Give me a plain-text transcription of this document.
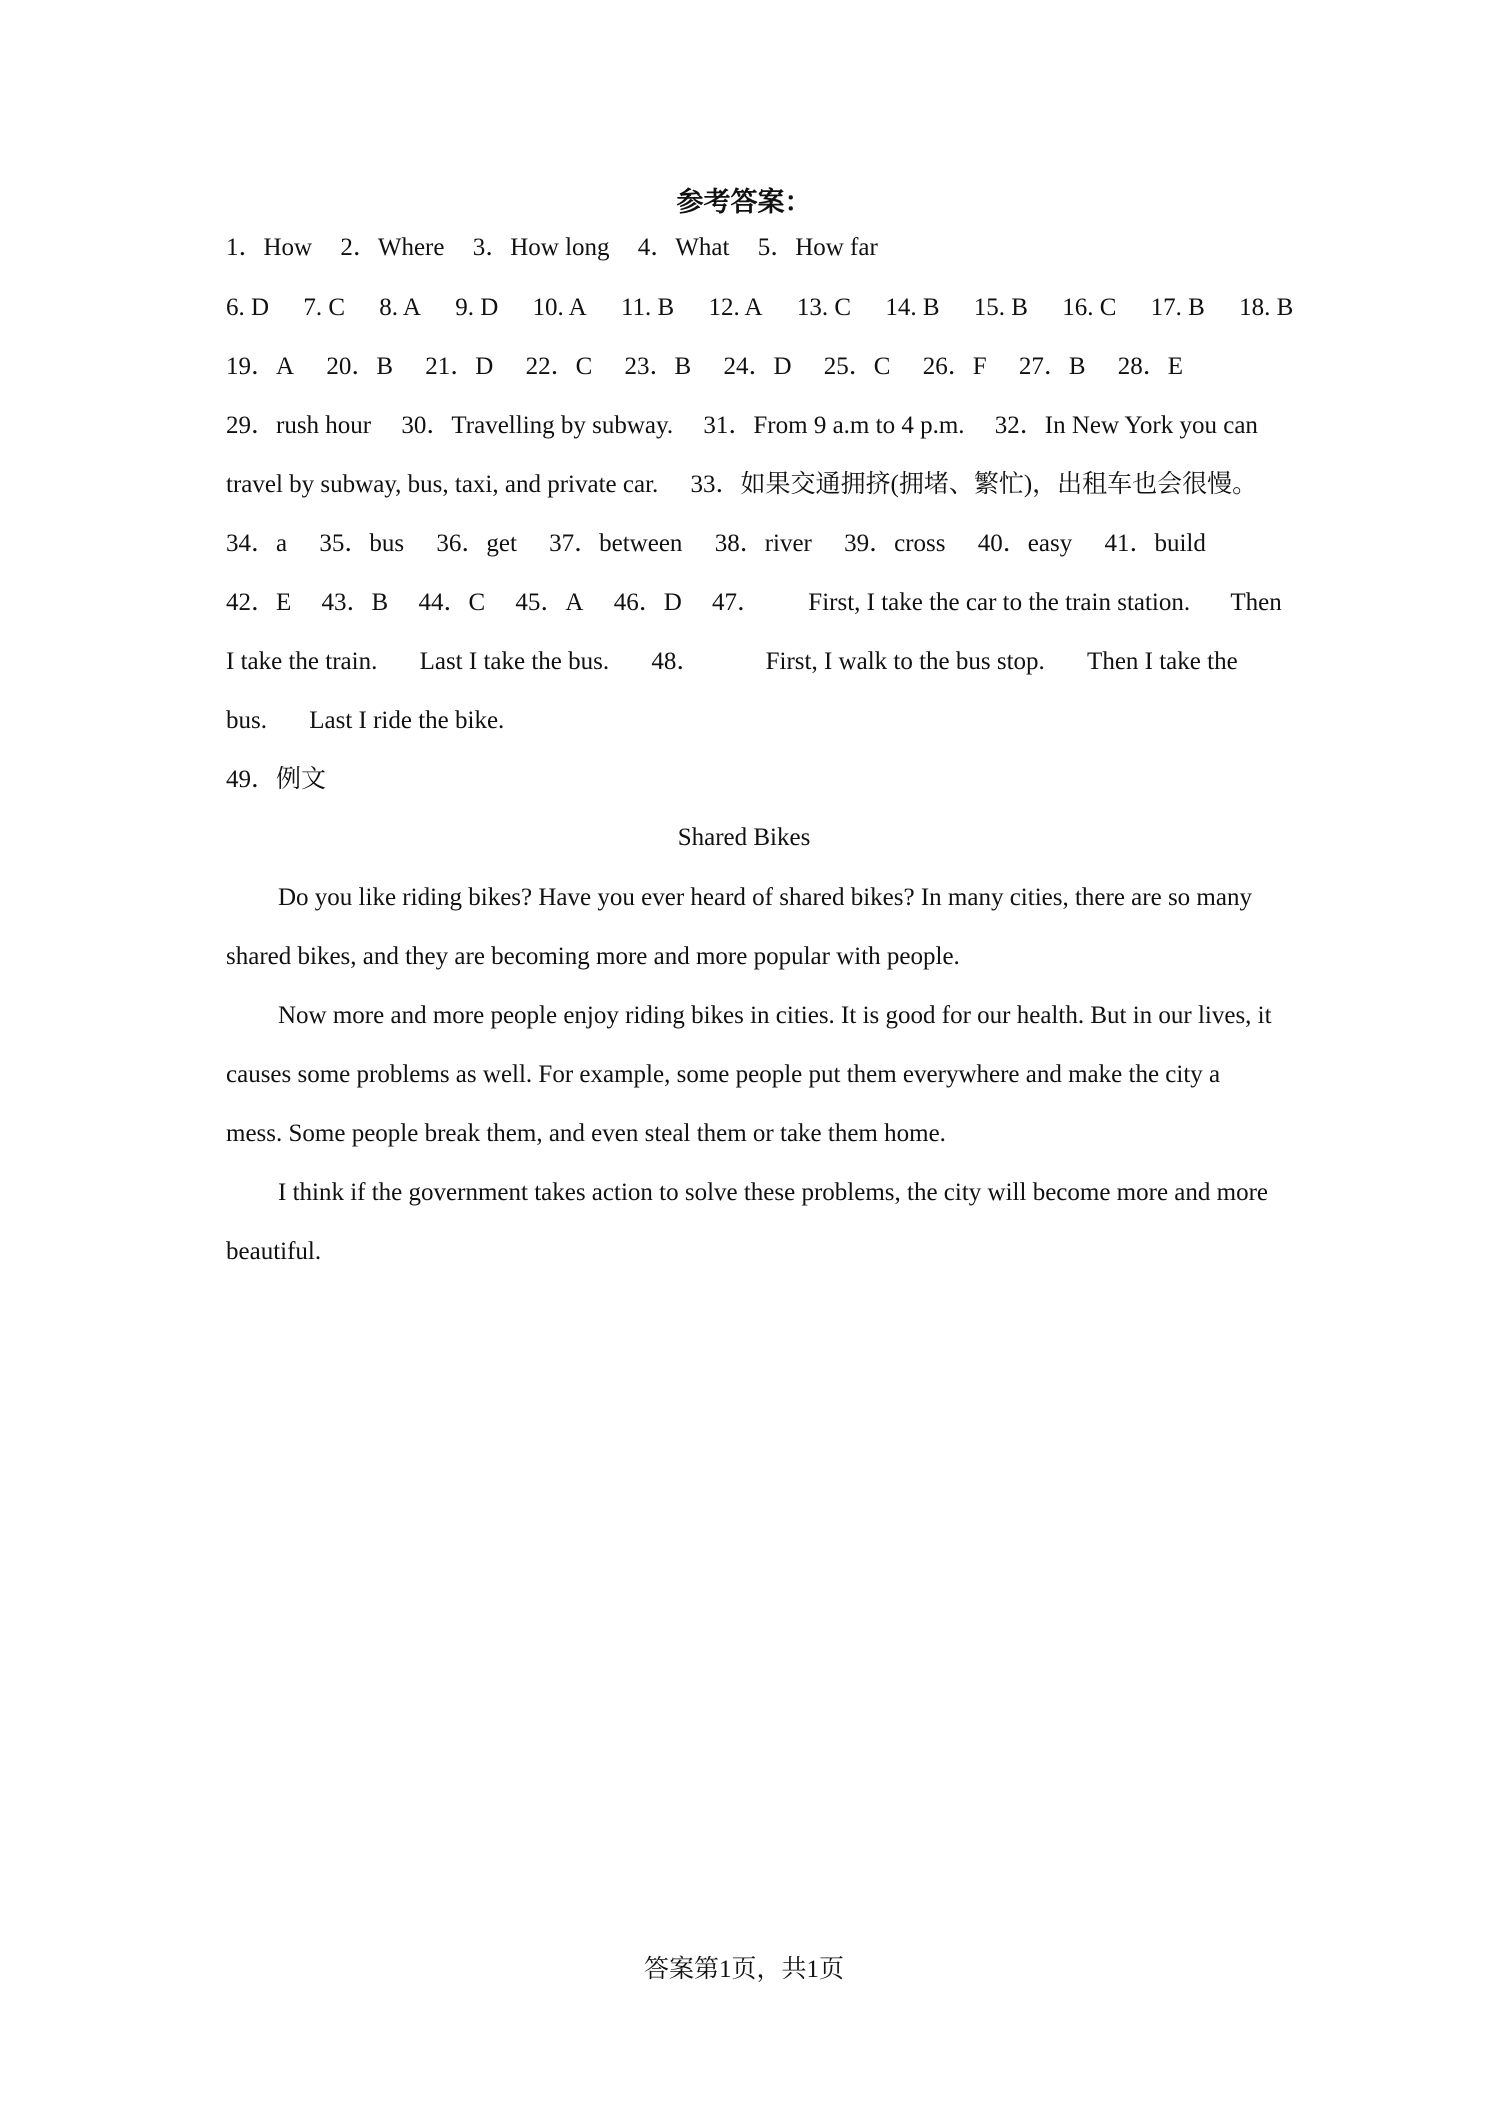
参考答案：
1．How 2．Where 3．How long 4．What 5．How far
6. D 7. C 8. A 9. D 10. A 11. B 12. A 13. C 14. B 15. B 16. C 17. B 18. B
19．A 20．B 21．D 22．C 23．B 24．D 25．C 26．F 27．B 28．E
29．rush hour 30．Travelling by subway. 31．From 9 a.m to 4 p.m. 32．In New York you can
travel by subway, bus, taxi, and private car. 33．如果交通拥挤(拥堵、繁忙)，出租车也会很慢。
34．a 35．bus 36．get 37．between 38．river 39．cross 40．easy 41．build
42．E 43．B 44．C 45．A 46．D 47． First, I take the car to the train station. Then
I take the train. Last I take the bus. 48．	First, I walk to the bus stop. Then I take the
bus. Last I ride the bike.
49．例文
Shared Bikes
Do you like riding bikes? Have you ever heard of shared bikes? In many cities, there are so many shared bikes, and they are becoming more and more popular with people.
Now more and more people enjoy riding bikes in cities. It is good for our health. But in our lives, it causes some problems as well. For example, some people put them everywhere and make the city a mess. Some people break them, and even steal them or take them home.
I think if the government takes action to solve these problems, the city will become more and more beautiful.
答案第1页，共1页
